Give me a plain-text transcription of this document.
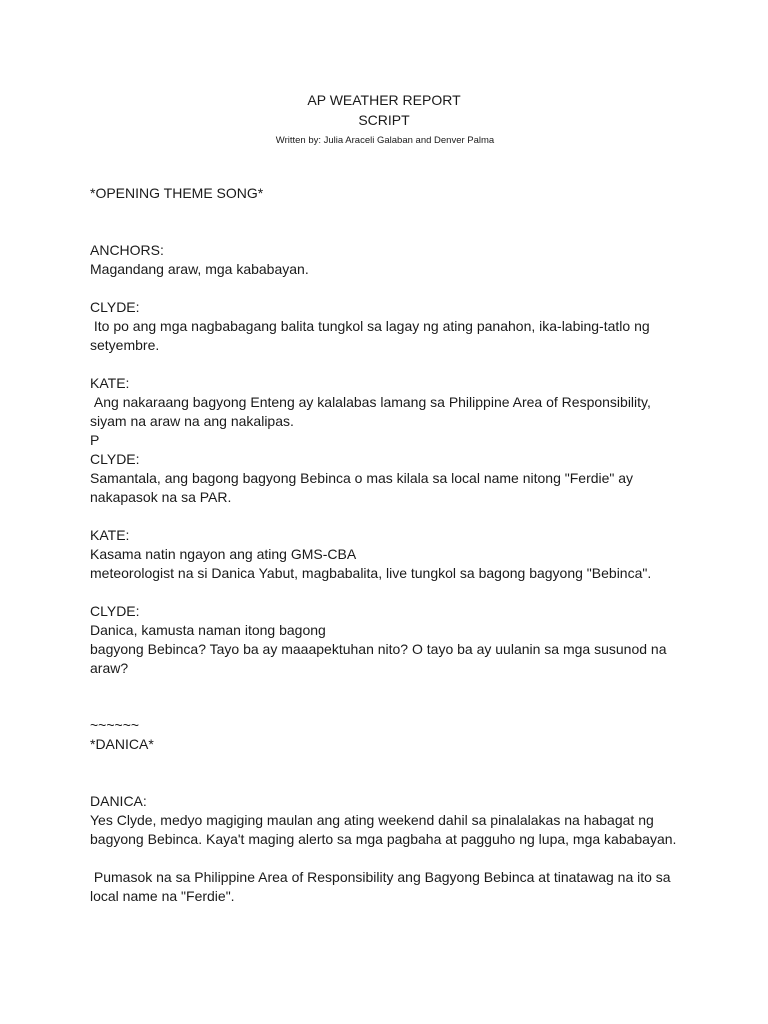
AP WEATHER REPORT
SCRIPT
Written by: Julia Araceli Galaban and Denver Palma

*OPENING THEME SONG*

ANCHORS:

Magandang araw, mga kababayan.

CLYDE:

Ito po ang mga nagbabagang balita tungkol sa lagay ng ating panahon, ika-labing-tatlo ng

setyembre.

KATE:

Ang nakaraang bagyong Enteng ay kalalabas lamang sa Philippine Area of Responsibility,

siyam na araw na ang nakalipas.

P

CLYDE:

Samantala, ang bagong bagyong Bebinca o mas kilala sa local name nitong "Ferdie" ay

nakapasok na sa PAR.

KATE:

Kasama natin ngayon ang ating GMS-CBA

meteorologist na si Danica Yabut, magbabalita, live tungkol sa bagong bagyong "Bebinca".

CLYDE:

Danica, kamusta naman itong bagong

bagyong Bebinca? Tayo ba ay maaapektuhan nito? O tayo ba ay uulanin sa mga susunod na

araw?

~~~~~~

*DANICA*

DANICA:

Yes Clyde, medyo magiging maulan ang ating weekend dahil sa pinalalakas na habagat ng

bagyong Bebinca. Kaya't maging alerto sa mga pagbaha at pagguho ng lupa, mga kababayan.

Pumasok na sa Philippine Area of Responsibility ang Bagyong Bebinca at tinatawag na ito sa

local name na "Ferdie".
